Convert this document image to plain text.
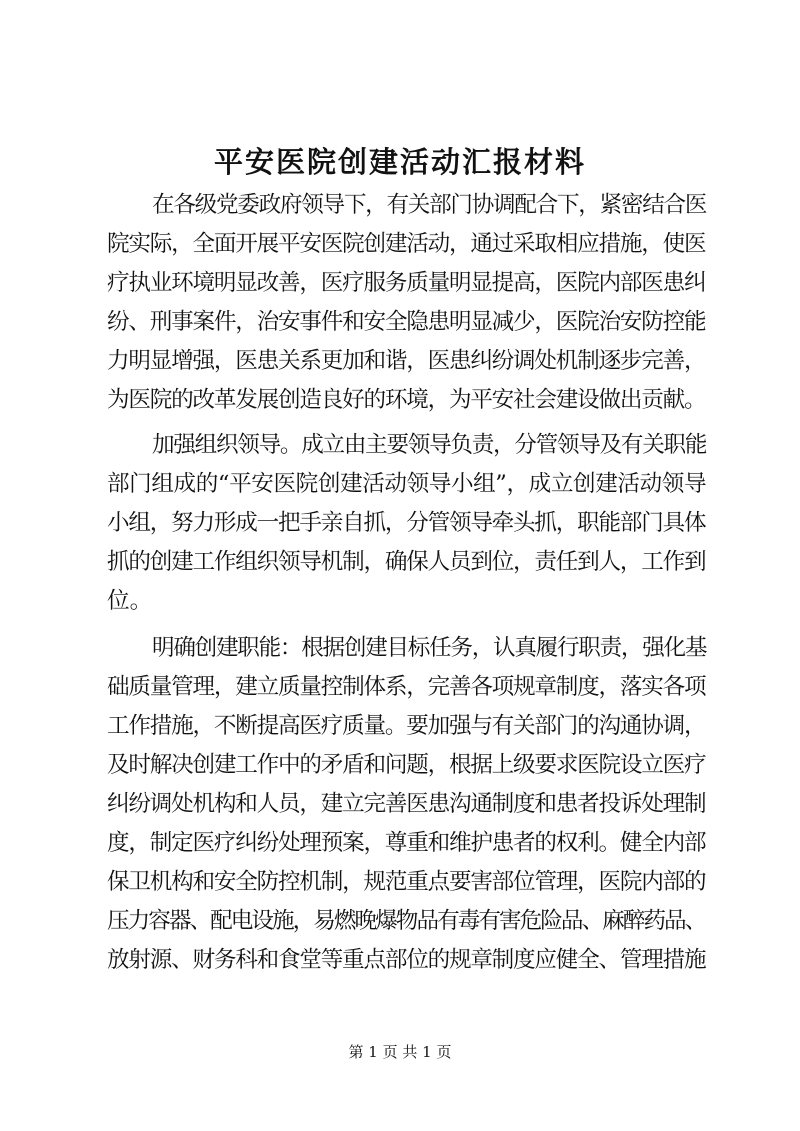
平安医院创建活动汇报材料

在各级党委政府领导下，有关部门协调配合下，紧密结合医

院实际，全面开展平安医院创建活动，通过采取相应措施，使医

疗执业环境明显改善，医疗服务质量明显提高，医院内部医患纠

纷、刑事案件，治安事件和安全隐患明显减少，医院治安防控能

力明显增强，医患关系更加和谐，医患纠纷调处机制逐步完善，

为医院的改革发展创造良好的环境，为平安社会建设做出贡献。

加强组织领导。成立由主要领导负责，分管领导及有关职能

部门组成的“平安医院创建活动领导小组”，成立创建活动领导

小组，努力形成一把手亲自抓，分管领导牵头抓，职能部门具体

抓的创建工作组织领导机制，确保人员到位，责任到人，工作到

位。

明确创建职能：根据创建目标任务，认真履行职责，强化基

础质量管理，建立质量控制体系，完善各项规章制度，落实各项

工作措施，不断提高医疗质量。要加强与有关部门的沟通协调，

及时解决创建工作中的矛盾和问题，根据上级要求医院设立医疗

纠纷调处机构和人员，建立完善医患沟通制度和患者投诉处理制

度，制定医疗纠纷处理预案，尊重和维护患者的权利。健全内部

保卫机构和安全防控机制，规范重点要害部位管理，医院内部的

压力容器、配电设施，易燃晚爆物品有毒有害危险品、麻醉药品、

放射源、财务科和食堂等重点部位的规章制度应健全、管理措施

第 1 页 共 1 页
